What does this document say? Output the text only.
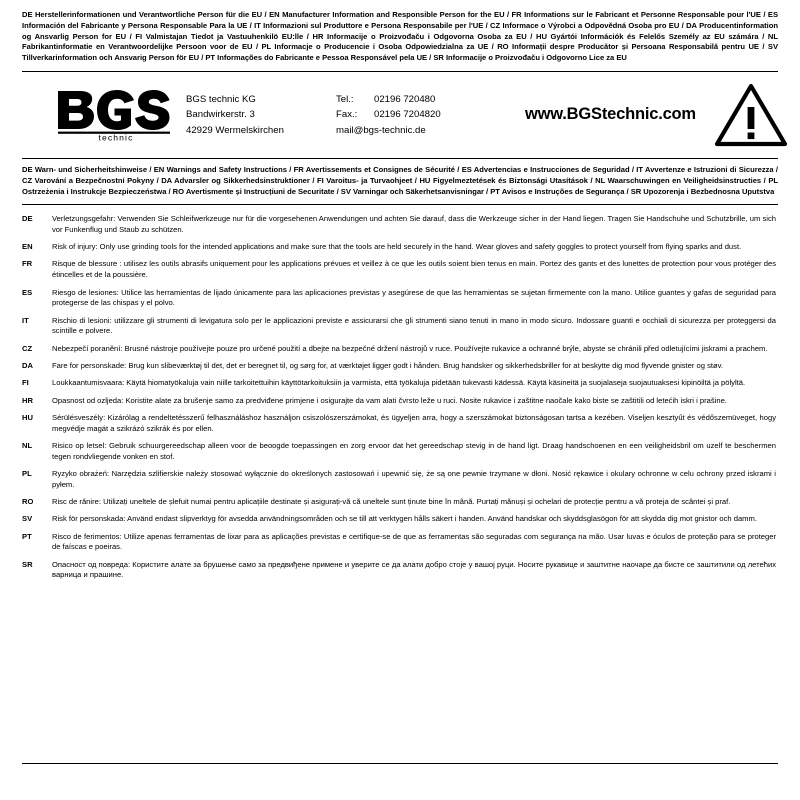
DE Herstellerinformationen und Verantwortliche Person für die EU / EN Manufacturer Information and Responsible Person for the EU / FR Informations sur le Fabricant et Personne Responsable pour l'UE / ES Información del Fabricante y Persona Responsable Para la UE / IT Informazioni sul Produttore e Persona Responsabile per l'UE / CZ Informace o Výrobci a Odpovědná Osoba pro EU / DA Producentinformation og Ansvarlig Person for EU / FI Valmistajan Tiedot ja Vastuuhenkilö EU:lle / HR Informacije o Proizvođaču i Odgovorna Osoba za EU / HU Gyártói Információk és Felelős Személy az EU számára / NL Fabrikantinformatie en Verantwoordelijke Persoon voor de EU / PL Informacje o Producencie i Osoba Odpowiedzialna za UE / RO Informații despre Producător și Persoana Responsabilă pentru UE / SV Tillverkarinformation och Ansvarig Person för EU / PT Informações do Fabricante e Pessoa Responsável pela UE / SR Informacije o Proizvođaču i Odgovorno Lice za EU
technic
BGS technic KG
Bandwirkerstr. 3
42929 Wermelskirchen
Tel.:	02196 720480
Fax.:	02196 7204820
mail@bgs-technic.de
www.BGStechnic.com
DE Warn- und Sicherheitshinweise / EN Warnings and Safety Instructions / FR Avertissements et Consignes de Sécurité / ES Advertencias e Instrucciones de Seguridad / IT Avvertenze e Istruzioni di Sicurezza / CZ Varování a Bezpečnostní Pokyny / DA Advarsler og Sikkerhedsinstruktioner / FI Varoitus- ja Turvaohjeet / HU Figyelmeztetések és Biztonsági Utasítások / NL Waarschuwingen en Veiligheidsinstructies / PL Ostrzeżenia i Instrukcje Bezpieczeństwa / RO Avertismente și Instrucțiuni de Securitate / SV Varningar och Säkerhetsanvisningar / PT Avisos e Instruções de Segurança / SR Upozorenja i Bezbednosna Uputstva
DE	Verletzungsgefahr: Verwenden Sie Schleifwerkzeuge nur für die vorgesehenen Anwendungen und achten Sie darauf, dass die Werkzeuge sicher in der Hand liegen. Tragen Sie Handschuhe und Schutzbrille, um sich vor Funkenflug und Staub zu schützen.
EN	Risk of injury: Only use grinding tools for the intended applications and make sure that the tools are held securely in the hand. Wear gloves and safety goggles to protect yourself from flying sparks and dust.
FR	Risque de blessure : utilisez les outils abrasifs uniquement pour les applications prévues et veillez à ce que les outils soient bien tenus en main. Portez des gants et des lunettes de protection pour vous protéger des étincelles et de la poussière.
ES	Riesgo de lesiones: Utilice las herramientas de lijado únicamente para las aplicaciones previstas y asegúrese de que las herramientas se sujetan firmemente con la mano. Utilice guantes y gafas de seguridad para protegerse de las chispas y el polvo.
IT	Rischio di lesioni: utilizzare gli strumenti di levigatura solo per le applicazioni previste e assicurarsi che gli strumenti siano tenuti in mano in modo sicuro. Indossare guanti e occhiali di sicurezza per proteggersi da scintille e polvere.
CZ	Nebezpečí poranění: Brusné nástroje používejte pouze pro určené použití a dbejte na bezpečné držení nástrojů v ruce. Používejte rukavice a ochranné brýle, abyste se chránili před odletujícími jiskrami a prachem.
DA	Fare for personskade: Brug kun slibeværktøj til det, det er beregnet til, og sørg for, at værktøjet ligger godt i hånden. Brug handsker og sikkerhedsbriller for at beskytte dig mod flyvende gnister og støv.
FI	Loukkaantumisvaara: Käytä hiomatyökaluja vain niille tarkoitettuihin käyttötarkoituksiin ja varmista, että työkaluja pidetään tukevasti kädessä. Käytä käsineitä ja suojalaseja suojautuaksesi kipinöiltä ja pölyltä.
HR	Opasnost od ozljeda: Koristite alate za brušenje samo za predviđene primjene i osigurajte da vam alati čvrsto leže u ruci. Nosite rukavice i zaštitne naočale kako biste se zaštitili od letećih iskri i prašine.
HU	Sérülésveszély: Kizárólag a rendeltetésszerű felhasználáshoz használjon csiszolószerszámokat, és ügyeljen arra, hogy a szerszámokat biztonságosan tartsa a kezében. Viseljen kesztyűt és védőszemüveget, hogy megvédje magát a szikrázó szikrák és por ellen.
NL	Risico op letsel: Gebruik schuurgereedschap alleen voor de beoogde toepassingen en zorg ervoor dat het gereedschap stevig in de hand ligt. Draag handschoenen en een veiligheidsbril om uzelf te beschermen tegen rondvliegende vonken en stof.
PL	Ryzyko obrażeń: Narzędzia szlifierskie należy stosować wyłącznie do określonych zastosowań i upewnić się, że są one pewnie trzymane w dłoni. Nosić rękawice i okulary ochronne w celu ochrony przed iskrami i pyłem.
RO	Risc de rănire: Utilizați uneltele de șlefuit numai pentru aplicațiile destinate și asigurați-vă că uneltele sunt ținute bine în mână. Purtați mănuși și ochelari de protecție pentru a vă proteja de scântei și praf.
SV	Risk för personskada: Använd endast slipverktyg för avsedda användningsområden och se till att verktygen hålls säkert i handen. Använd handskar och skyddsglasögon för att skydda dig mot gnistor och damm.
PT	Risco de ferimentos: Utilize apenas ferramentas de lixar para as aplicações previstas e certifique-se de que as ferramentas são seguradas com segurança na mão. Usar luvas e óculos de proteção para se proteger de faíscas e poeiras.
SR	Опасност од повреда: Користите алате за брушење само за предвиђене примене и уверите се да алати добро стоје у вашој руци. Носите рукавице и заштитне наочаре да бисте се заштитили од летећих варница и прашине.
